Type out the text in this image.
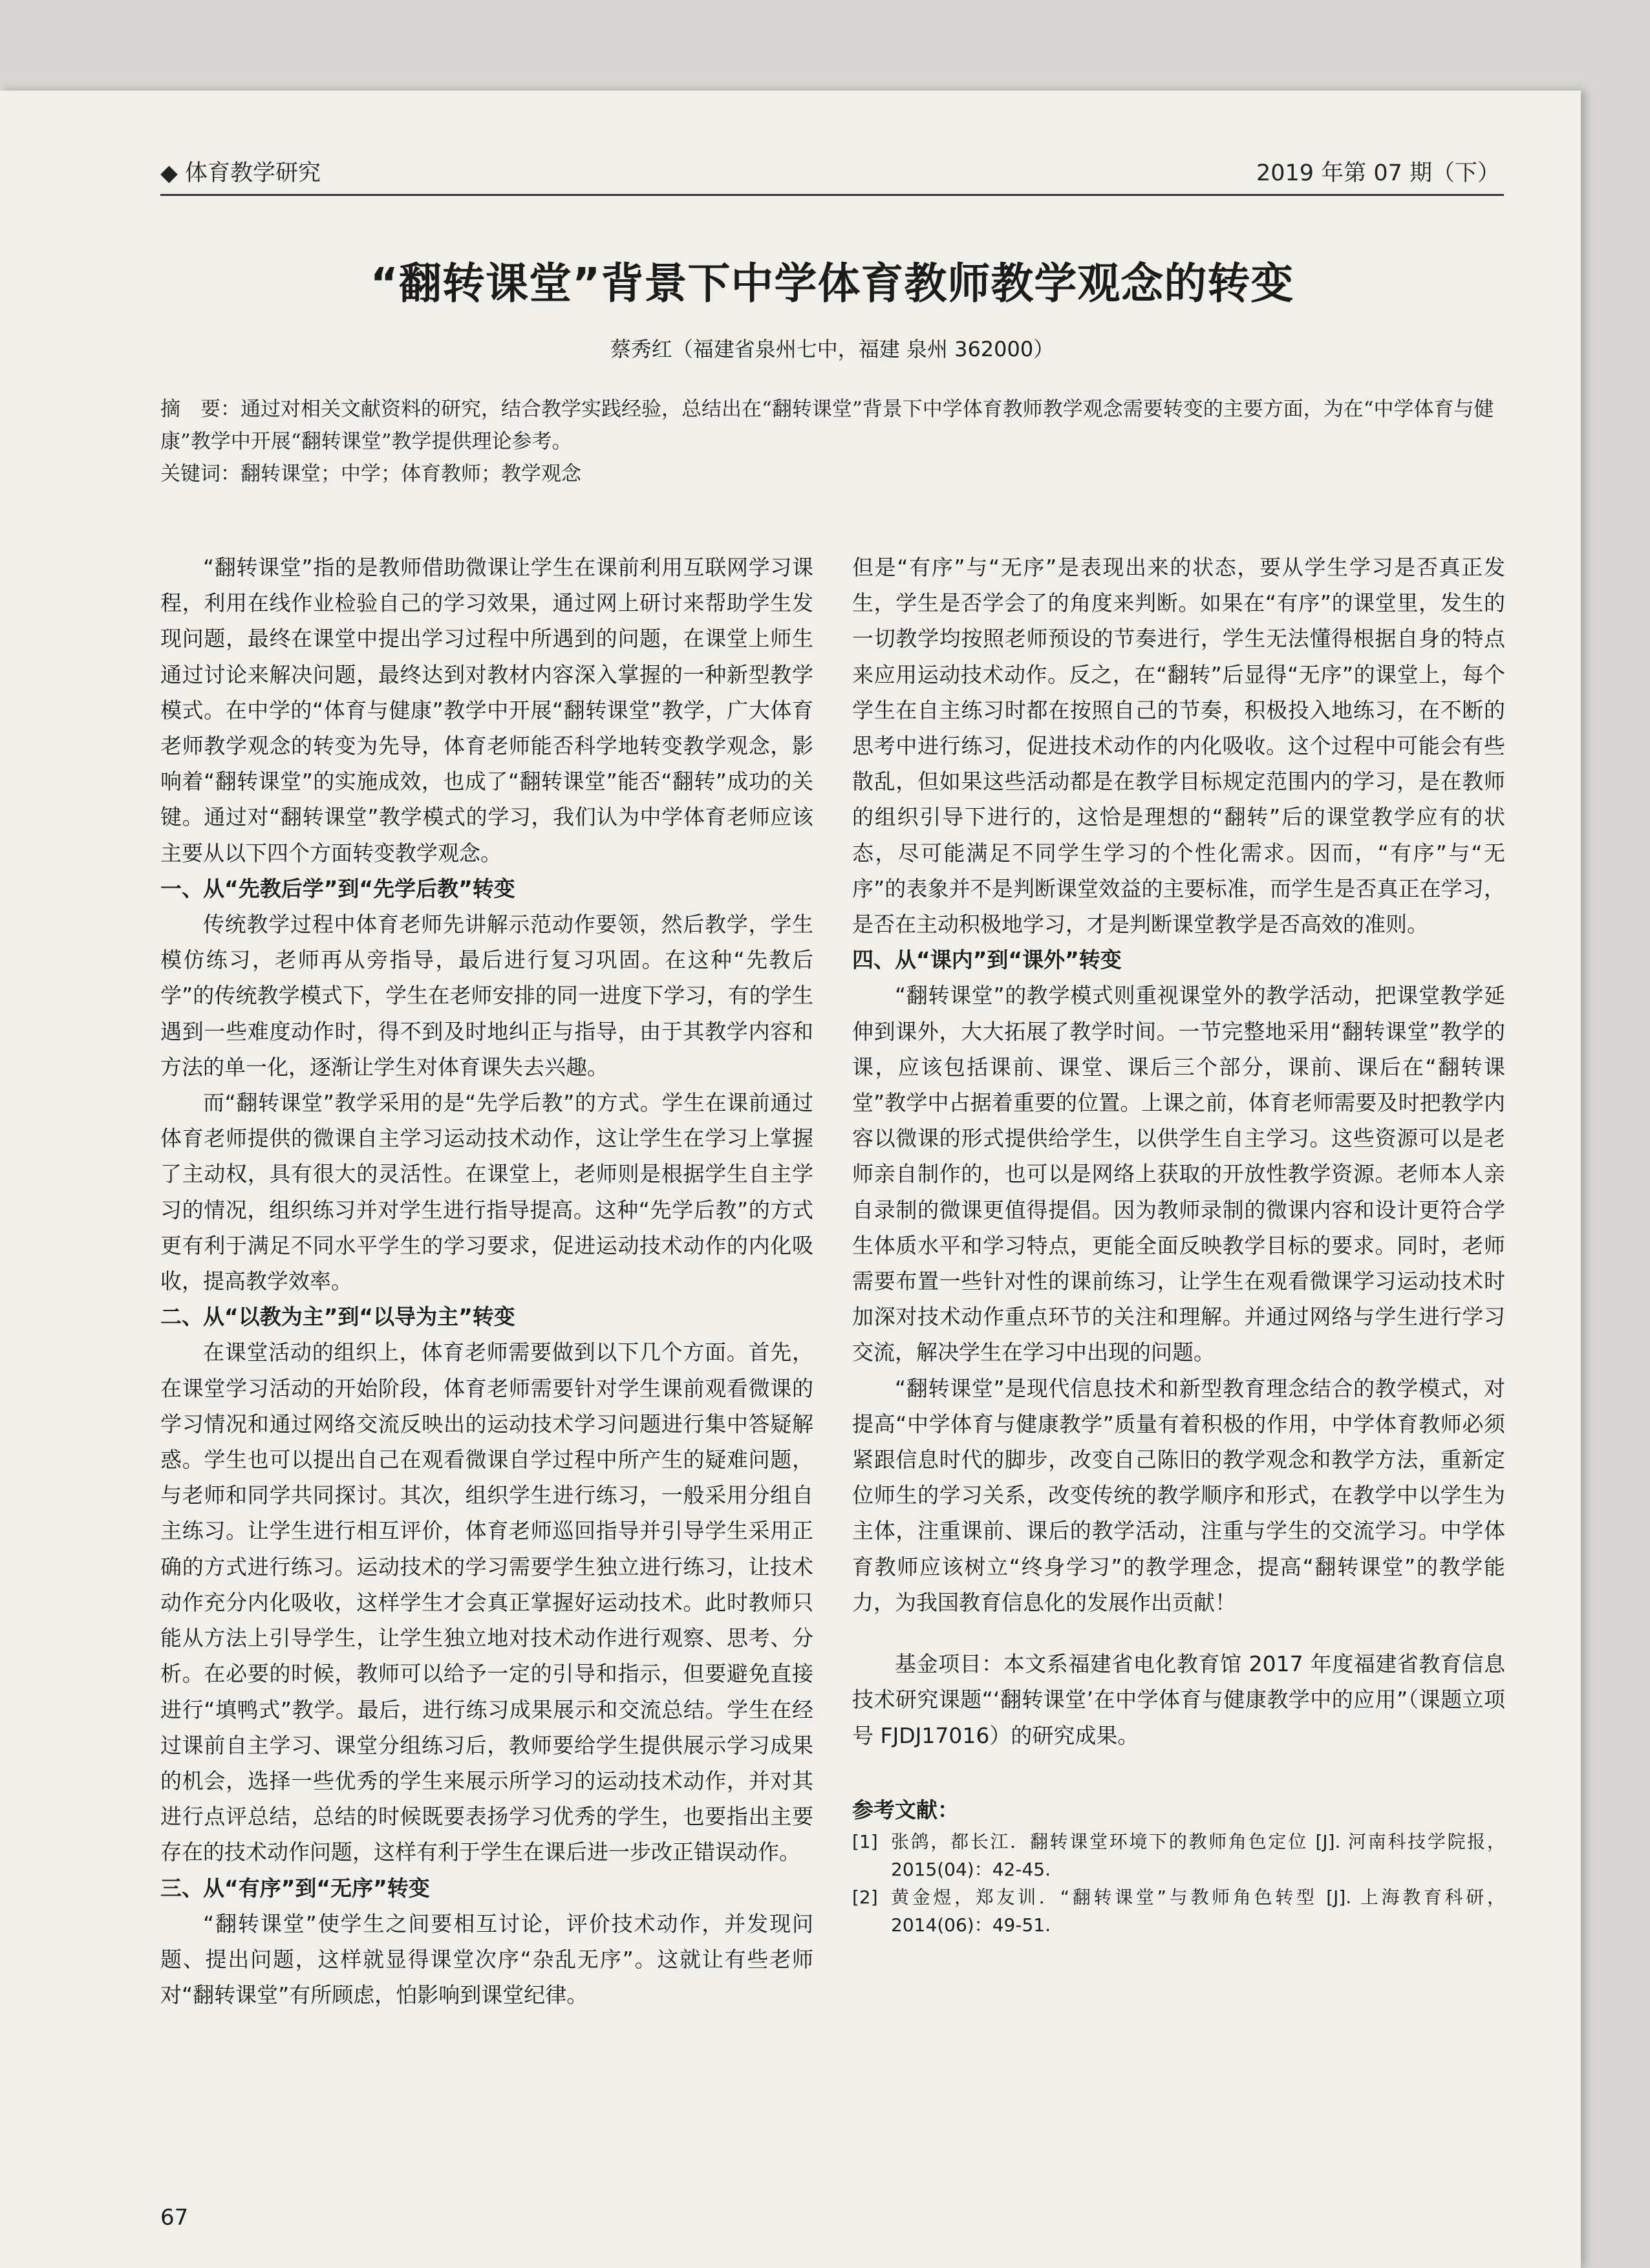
◆ 体育教学研究	2019 年第 07 期（下）
“翻转课堂”背景下中学体育教师教学观念的转变
蔡秀红（福建省泉州七中，福建 泉州 362000）

摘　要：通过对相关文献资料的研究，结合教学实践经验，总结出在“翻转课堂”背景下中学体育教师教学观念需要转变的主要方面，为在“中学体育与健康”教学中开展“翻转课堂”教学提供理论参考。

关键词：翻转课堂；中学；体育教师；教学观念

“翻转课堂”指的是教师借助微课让学生在课前利用互联网学习课程，利用在线作业检验自己的学习效果，通过网上研讨来帮助学生发现问题，最终在课堂中提出学习过程中所遇到的问题，在课堂上师生通过讨论来解决问题，最终达到对教材内容深入掌握的一种新型教学模式。在中学的“体育与健康”教学中开展“翻转课堂”教学，广大体育老师教学观念的转变为先导，体育老师能否科学地转变教学观念，影响着“翻转课堂”的实施成效，也成了“翻转课堂”能否“翻转”成功的关键。通过对“翻转课堂”教学模式的学习，我们认为中学体育老师应该主要从以下四个方面转变教学观念。

一、从“先教后学”到“先学后教”转变

传统教学过程中体育老师先讲解示范动作要领，然后教学，学生模仿练习，老师再从旁指导，最后进行复习巩固。在这种“先教后学”的传统教学模式下，学生在老师安排的同一进度下学习，有的学生遇到一些难度动作时，得不到及时地纠正与指导，由于其教学内容和方法的单一化，逐渐让学生对体育课失去兴趣。

而“翻转课堂”教学采用的是“先学后教”的方式。学生在课前通过体育老师提供的微课自主学习运动技术动作，这让学生在学习上掌握了主动权，具有很大的灵活性。在课堂上，老师则是根据学生自主学习的情况，组织练习并对学生进行指导提高。这种“先学后教”的方式更有利于满足不同水平学生的学习要求，促进运动技术动作的内化吸收，提高教学效率。

二、从“以教为主”到“以导为主”转变

在课堂活动的组织上，体育老师需要做到以下几个方面。首先，在课堂学习活动的开始阶段，体育老师需要针对学生课前观看微课的学习情况和通过网络交流反映出的运动技术学习问题进行集中答疑解惑。学生也可以提出自己在观看微课自学过程中所产生的疑难问题，与老师和同学共同探讨。其次，组织学生进行练习，一般采用分组自主练习。让学生进行相互评价，体育老师巡回指导并引导学生采用正确的方式进行练习。运动技术的学习需要学生独立进行练习，让技术动作充分内化吸收，这样学生才会真正掌握好运动技术。此时教师只能从方法上引导学生，让学生独立地对技术动作进行观察、思考、分析。在必要的时候，教师可以给予一定的引导和指示，但要避免直接进行“填鸭式”教学。最后，进行练习成果展示和交流总结。学生在经过课前自主学习、课堂分组练习后，教师要给学生提供展示学习成果的机会，选择一些优秀的学生来展示所学习的运动技术动作，并对其进行点评总结，总结的时候既要表扬学习优秀的学生，也要指出主要存在的技术动作问题，这样有利于学生在课后进一步改正错误动作。

三、从“有序”到“无序”转变

“翻转课堂”使学生之间要相互讨论，评价技术动作，并发现问题、提出问题，这样就显得课堂次序“杂乱无序”。这就让有些老师对“翻转课堂”有所顾虑，怕影响到课堂纪律。

但是“有序”与“无序”是表现出来的状态，要从学生学习是否真正发生，学生是否学会了的角度来判断。如果在“有序”的课堂里，发生的一切教学均按照老师预设的节奏进行，学生无法懂得根据自身的特点来应用运动技术动作。反之，在“翻转”后显得“无序”的课堂上，每个学生在自主练习时都在按照自己的节奏，积极投入地练习，在不断的思考中进行练习，促进技术动作的内化吸收。这个过程中可能会有些散乱，但如果这些活动都是在教学目标规定范围内的学习，是在教师的组织引导下进行的，这恰是理想的“翻转”后的课堂教学应有的状态，尽可能满足不同学生学习的个性化需求。因而，“有序”与“无序”的表象并不是判断课堂效益的主要标准，而学生是否真正在学习，是否在主动积极地学习，才是判断课堂教学是否高效的准则。

四、从“课内”到“课外”转变

“翻转课堂”的教学模式则重视课堂外的教学活动，把课堂教学延伸到课外，大大拓展了教学时间。一节完整地采用“翻转课堂”教学的课，应该包括课前、课堂、课后三个部分，课前、课后在“翻转课堂”教学中占据着重要的位置。上课之前，体育老师需要及时把教学内容以微课的形式提供给学生，以供学生自主学习。这些资源可以是老师亲自制作的，也可以是网络上获取的开放性教学资源。老师本人亲自录制的微课更值得提倡。因为教师录制的微课内容和设计更符合学生体质水平和学习特点，更能全面反映教学目标的要求。同时，老师需要布置一些针对性的课前练习，让学生在观看微课学习运动技术时加深对技术动作重点环节的关注和理解。并通过网络与学生进行学习交流，解决学生在学习中出现的问题。

“翻转课堂”是现代信息技术和新型教育理念结合的教学模式，对提高“中学体育与健康教学”质量有着积极的作用，中学体育教师必须紧跟信息时代的脚步，改变自己陈旧的教学观念和教学方法，重新定位师生的学习关系，改变传统的教学顺序和形式，在教学中以学生为主体，注重课前、课后的教学活动，注重与学生的交流学习。中学体育教师应该树立“终身学习”的教学理念，提高“翻转课堂”的教学能力，为我国教育信息化的发展作出贡献！

基金项目：本文系福建省电化教育馆 2017 年度福建省教育信息技术研究课题“‘翻转课堂’在中学体育与健康教学中的应用”（课题立项号 FJDJ17016）的研究成果。

参考文献：

[1] 张鸽，都长江．翻转课堂环境下的教师角色定位 [J]. 河南科技学院报，2015(04)：42-45.

[2] 黄金煜，郑友训．“翻转课堂”与教师角色转型 [J]. 上海教育科研，2014(06)：49-51.

67
